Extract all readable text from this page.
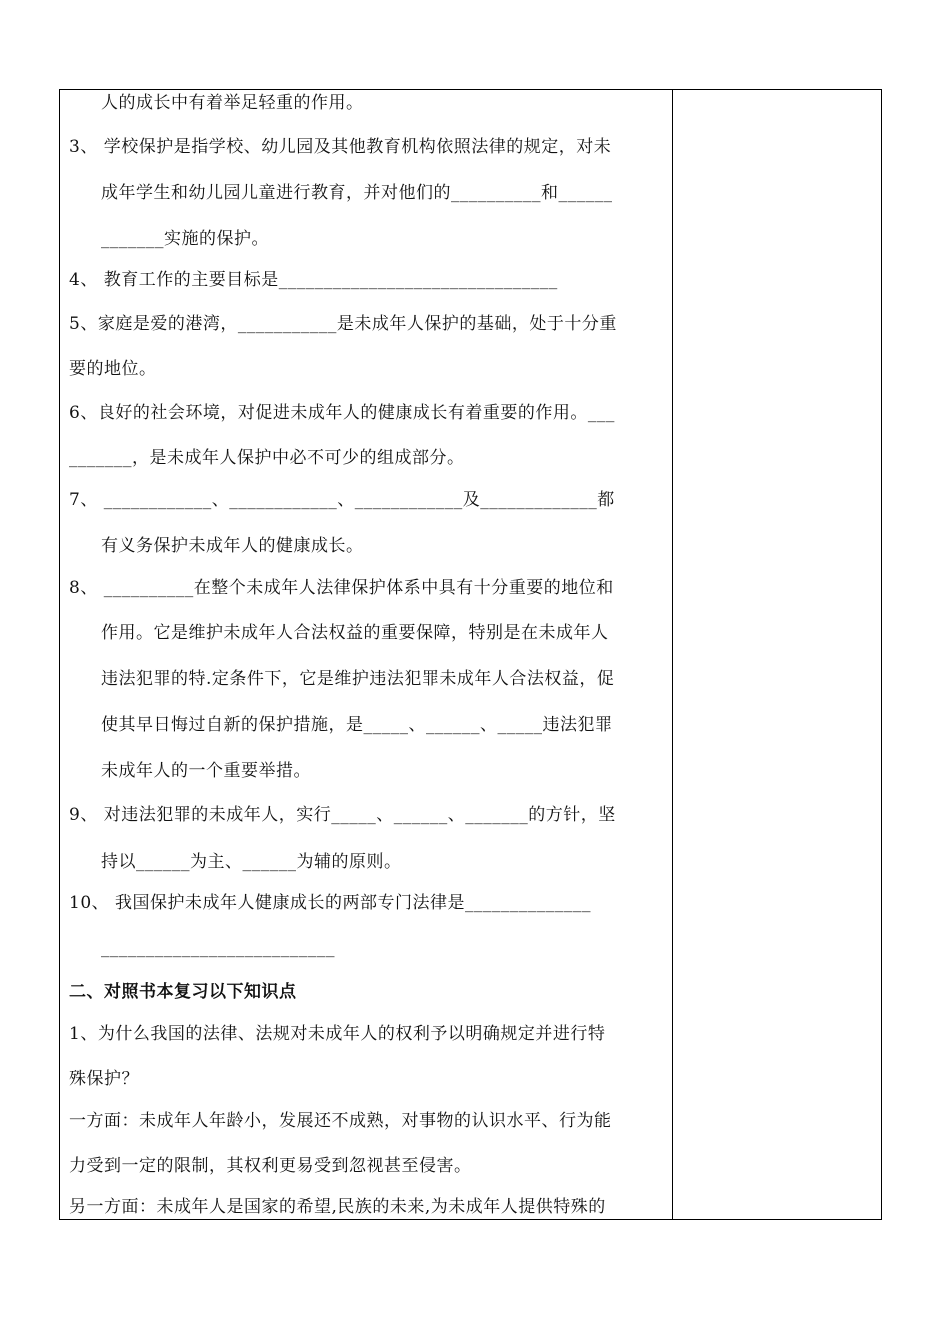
人的成长中有着举足轻重的作用。
3、 学校保护是指学校、幼儿园及其他教育机构依照法律的规定，对未
成年学生和幼儿园儿童进行教育，并对他们的__________和______
_______实施的保护。
4、 教育工作的主要目标是_______________________________
5、家庭是爱的港湾，___________是未成年人保护的基础，处于十分重
要的地位。
6、良好的社会环境，对促进未成年人的健康成长有着重要的作用。___
_______，是未成年人保护中必不可少的组成部分。
7、 ____________、____________、____________及_____________都
有义务保护未成年人的健康成长。
8、 __________在整个未成年人法律保护体系中具有十分重要的地位和
作用。它是维护未成年人合法权益的重要保障，特别是在未成年人
违法犯罪的特.定条件下，它是维护违法犯罪未成年人合法权益，促
使其早日悔过自新的保护措施，是_____、______、_____违法犯罪
未成年人的一个重要举措。
9、 对违法犯罪的未成年人，实行_____、______、_______的方针，坚
持以______为主、______为辅的原则。
10、 我国保护未成年人健康成长的两部专门法律是______________
__________________________
二、对照书本复习以下知识点
1、为什么我国的法律、法规对未成年人的权利予以明确规定并进行特
殊保护？
一方面：未成年人年龄小，发展还不成熟，对事物的认识水平、行为能
力受到一定的限制，其权利更易受到忽视甚至侵害。
另一方面：未成年人是国家的希望,民族的未来,为未成年人提供特殊的
